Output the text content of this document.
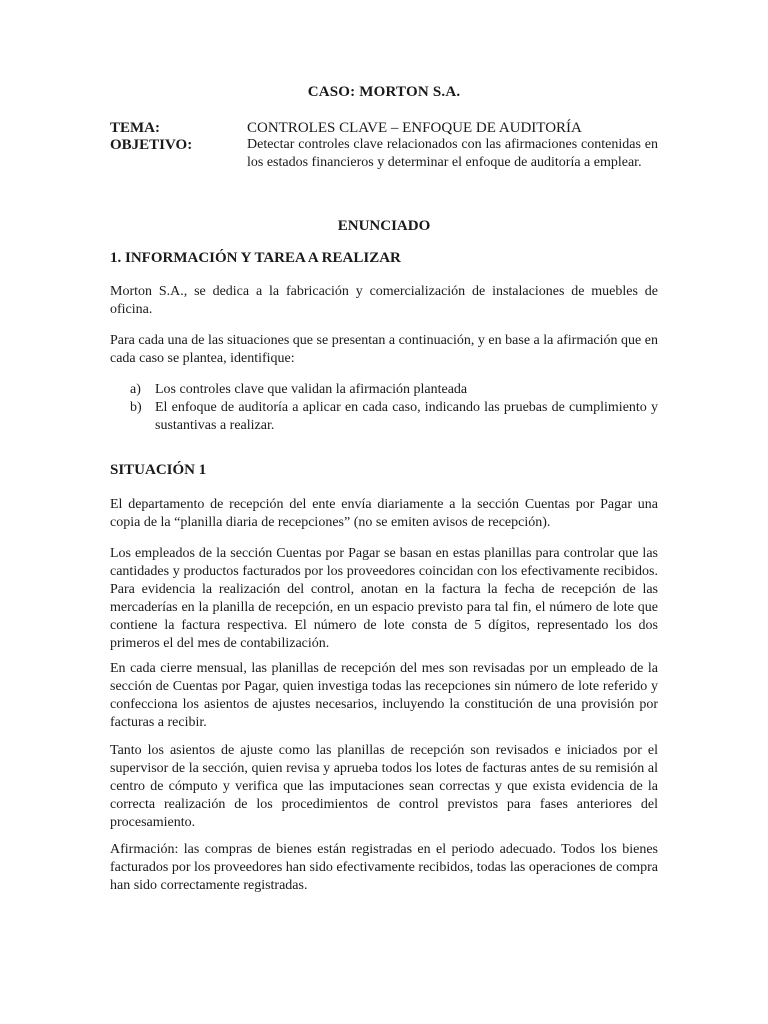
CASO: MORTON S.A.
TEMA:	CONTROLES CLAVE – ENFOQUE DE AUDITORÍA
OBJETIVO:	Detectar controles clave relacionados con las afirmaciones contenidas en los estados financieros y determinar el enfoque de auditoría a emplear.
ENUNCIADO
1. INFORMACIÓN Y TAREA A REALIZAR

Morton S.A., se dedica a la fabricación y comercialización de instalaciones de muebles de oficina.

Para cada una de las situaciones que se presentan a continuación, y en base a la afirmación que en cada caso se plantea, identifique:

a) Los controles clave que validan la afirmación planteada
b) El enfoque de auditoría a aplicar en cada caso, indicando las pruebas de cumplimiento y sustantivas a realizar.
SITUACIÓN 1

El departamento de recepción del ente envía diariamente a la sección Cuentas por Pagar una copia de la “planilla diaria de recepciones” (no se emiten avisos de recepción).

Los empleados de la sección Cuentas por Pagar se basan en estas planillas para controlar que las cantidades y productos facturados por los proveedores coincidan con los efectivamente recibidos. Para evidencia la realización del control, anotan en la factura la fecha de recepción de las mercaderías en la planilla de recepción, en un espacio previsto para tal fin, el número de lote que contiene la factura respectiva. El número de lote consta de 5 dígitos, representado los dos primeros el del mes de contabilización.

En cada cierre mensual, las planillas de recepción del mes son revisadas por un empleado de la sección de Cuentas por Pagar, quien investiga todas las recepciones sin número de lote referido y confecciona los asientos de ajustes necesarios, incluyendo la constitución de una provisión por facturas a recibir.

Tanto los asientos de ajuste como las planillas de recepción son revisados e iniciados por el supervisor de la sección, quien revisa y aprueba todos los lotes de facturas antes de su remisión al centro de cómputo y verifica que las imputaciones sean correctas y que exista evidencia de la correcta realización de los procedimientos de control previstos para fases anteriores del procesamiento.

Afirmación: las compras de bienes están registradas en el periodo adecuado. Todos los bienes facturados por los proveedores han sido efectivamente recibidos, todas las operaciones de compra han sido correctamente registradas.
